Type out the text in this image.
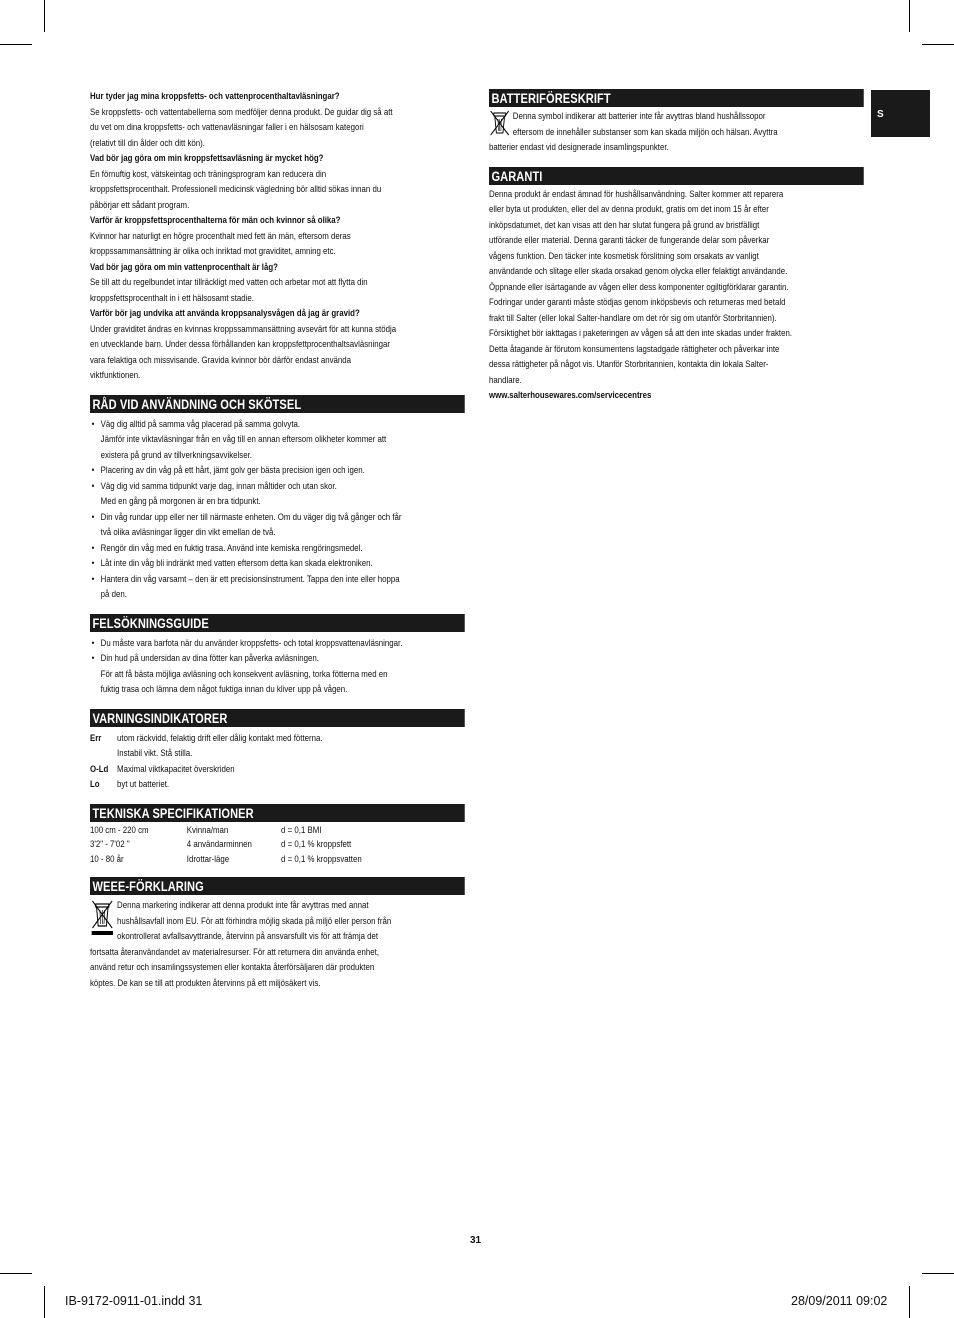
S

Hur tyder jag mina kroppsfetts- och vattenprocenthaltavläsningar?

Se kroppsfetts- och vattentabellerna som medföljer denna produkt. De guidar dig så att
du vet om dina kroppsfetts- och vattenavläsningar faller i en hälsosam kategori
(relativt till din ålder och ditt kön).

Vad bör jag göra om min kroppsfettsavläsning är mycket hög?

En förnuftig kost, vätskeintag och träningsprogram kan reducera din
kroppsfettsprocenthalt. Professionell medicinsk vägledning bör alltid sökas innan du
påbörjar ett sådant program.

Varför är kroppsfettsprocenthalterna för män och kvinnor så olika?

Kvinnor har naturligt en högre procenthalt med fett än män, eftersom deras
kroppssammansättning är olika och inriktad mot graviditet, amning etc.

Vad bör jag göra om min vattenprocenthalt är låg?

Se till att du regelbundet intar tillräckligt med vatten och arbetar mot att flytta din
kroppsfettsprocenthalt in i ett hälsosamt stadie.

Varför bör jag undvika att använda kroppsanalysvågen då jag är gravid?

Under graviditet ändras en kvinnas kroppssammansättning avsevärt för att kunna stödja
en utvecklande barn. Under dessa förhållanden kan kroppsfettprocenthaltsavläsningar
vara felaktiga och missvisande. Gravida kvinnor bör därför endast använda
viktfunktionen.

RÅD VID ANVÄNDNING OCH SKÖTSEL

• Väg dig alltid på samma våg placerad på samma golvyta.
Jämför inte viktavläsningar från en våg till en annan eftersom olikheter kommer att
existera på grund av tillverkningsavvikelser.
• Placering av din våg på ett hårt, jämt golv ger bästa precision igen och igen.
• Väg dig vid samma tidpunkt varje dag, innan måltider och utan skor.
Med en gång på morgonen är en bra tidpunkt.
• Din våg rundar upp eller ner till närmaste enheten. Om du väger dig två gånger och får
två olika avläsningar ligger din vikt emellan de två.
• Rengör din våg med en fuktig trasa. Använd inte kemiska rengöringsmedel.
• Låt inte din våg bli indränkt med vatten eftersom detta kan skada elektroniken.
• Hantera din våg varsamt – den är ett precisionsinstrument. Tappa den inte eller hoppa
på den.

FELSÖKNINGSGUIDE

• Du måste vara barfota när du använder kroppsfetts- och total kroppsvattenavläsningar.
• Din hud på undersidan av dina fötter kan påverka avläsningen.
För att få bästa möjliga avläsning och konsekvent avläsning, torka fötterna med en
fuktig trasa och lämna dem något fuktiga innan du kliver upp på vågen.

VARNINGSINDIKATORER

Err	utom räckvidd, felaktig drift eller dålig kontakt med fötterna.
Instabil vikt. Stå stilla.
O-Ld Maximal viktkapacitet överskriden
Lo	byt ut batteriet.

TEKNISKA SPECIFIKATIONER

100 cm - 220 cm	Kvinna/man	d = 0,1 BMI
3'2" - 7'02 "	4 användarminnen	d = 0,1 % kroppsfett
10 - 80 år	Idrottar-läge	d = 0,1 % kroppsvatten

WEEE-FÖRKLARING

Denna markering indikerar att denna produkt inte får avyttras med annat
hushållsavfall inom EU. För att förhindra möjlig skada på miljö eller person från
okontrollerat avfallsavyttrande, återvinn på ansvarsfullt vis för att främja det
fortsatta återanvändandet av materialresurser. För att returnera din använda enhet,
använd retur och insamlingssystemen eller kontakta återförsäljaren där produkten
köptes. De kan se till att produkten återvinns på ett miljösäkert vis.

BATTERIFÖRESKRIFT

Denna symbol indikerar att batterier inte får avyttras bland hushållssopor
eftersom de innehåller substanser som kan skada miljön och hälsan. Avyttra
batterier endast vid designerade insamlingspunkter.

GARANTI

Denna produkt är endast ämnad för hushållsanvändning. Salter kommer att reparera
eller byta ut produkten, eller del av denna produkt, gratis om det inom 15 år efter
inköpsdatumet, det kan visas att den har slutat fungera på grund av bristfälligt
utförande eller material. Denna garanti täcker de fungerande delar som påverkar
vågens funktion. Den täcker inte kosmetisk förslitning som orsakats av vanligt
användande och slitage eller skada orsakad genom olycka eller felaktigt användande.
Öppnande eller isärtagande av vågen eller dess komponenter ogiltigförklarar garantin.
Fodringar under garanti måste stödjas genom inköpsbevis och returneras med betald
frakt till Salter (eller lokal Salter-handlare om det rör sig om utanför Storbritannien).
Försiktighet bör iakttagas i paketeringen av vågen så att den inte skadas under frakten.
Detta åtagande är förutom konsumentens lagstadgade rättigheter och påverkar inte
dessa rättigheter på något vis. Utanför Storbritannien, kontakta din lokala Salter-
handlare.

www.salterhousewares.com/servicecentres

31
IB-9172-0911-01.indd 31	28/09/2011 09:02
